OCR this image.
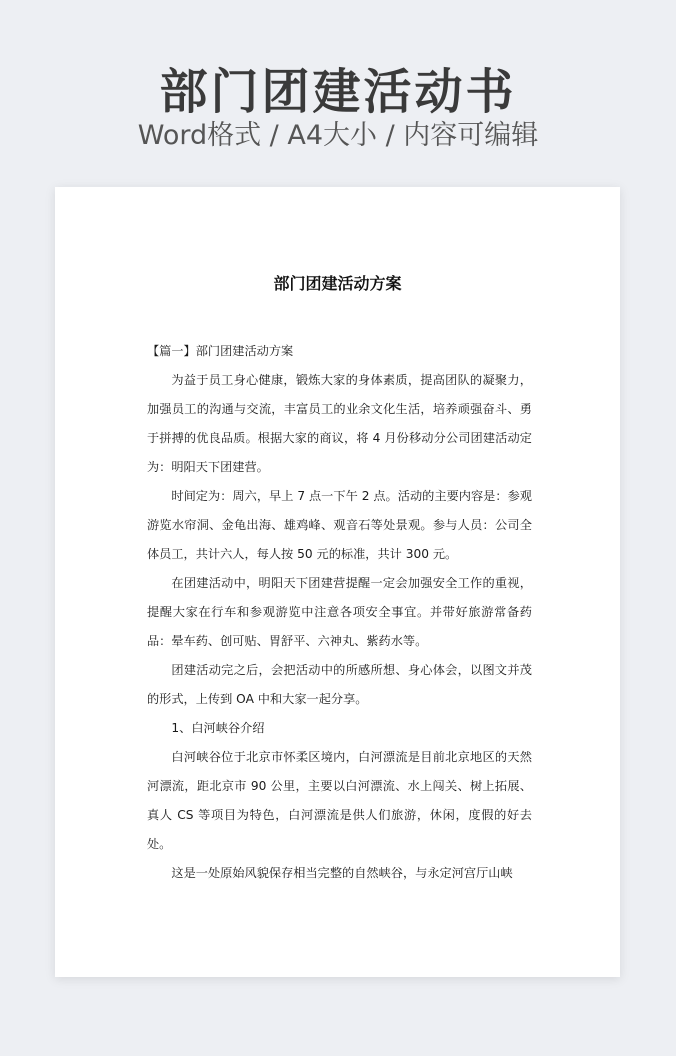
部门团建活动书
Word格式 / A4大小 / 内容可编辑
部门团建活动方案

【篇一】部门团建活动方案

为益于员工身心健康，锻炼大家的身体素质，提高团队的凝聚力，加强员工的沟通与交流，丰富员工的业余文化生活，培养顽强奋斗、勇于拼搏的优良品质。根据大家的商议，将 4 月份移动分公司团建活动定为：明阳天下团建营。

时间定为：周六，早上 7 点一下午 2 点。活动的主要内容是：参观游览水帘洞、金龟出海、雄鸡峰、观音石等处景观。参与人员：公司全体员工，共计六人，每人按 50 元的标准，共计 300 元。

在团建活动中，明阳天下团建营提醒一定会加强安全工作的重视，提醒大家在行车和参观游览中注意各项安全事宜。并带好旅游常备药品：晕车药、创可贴、胃舒平、六神丸、紫药水等。

团建活动完之后，会把活动中的所感所想、身心体会，以图文并茂的形式，上传到 OA 中和大家一起分享。

1、白河峡谷介绍

白河峡谷位于北京市怀柔区境内，白河漂流是目前北京地区的天然河漂流，距北京市 90 公里，主要以白河漂流、水上闯关、树上拓展、真人 CS 等项目为特色，白河漂流是供人们旅游，休闲，度假的好去处。

这是一处原始风貌保存相当完整的自然峡谷，与永定河宫厅山峡
